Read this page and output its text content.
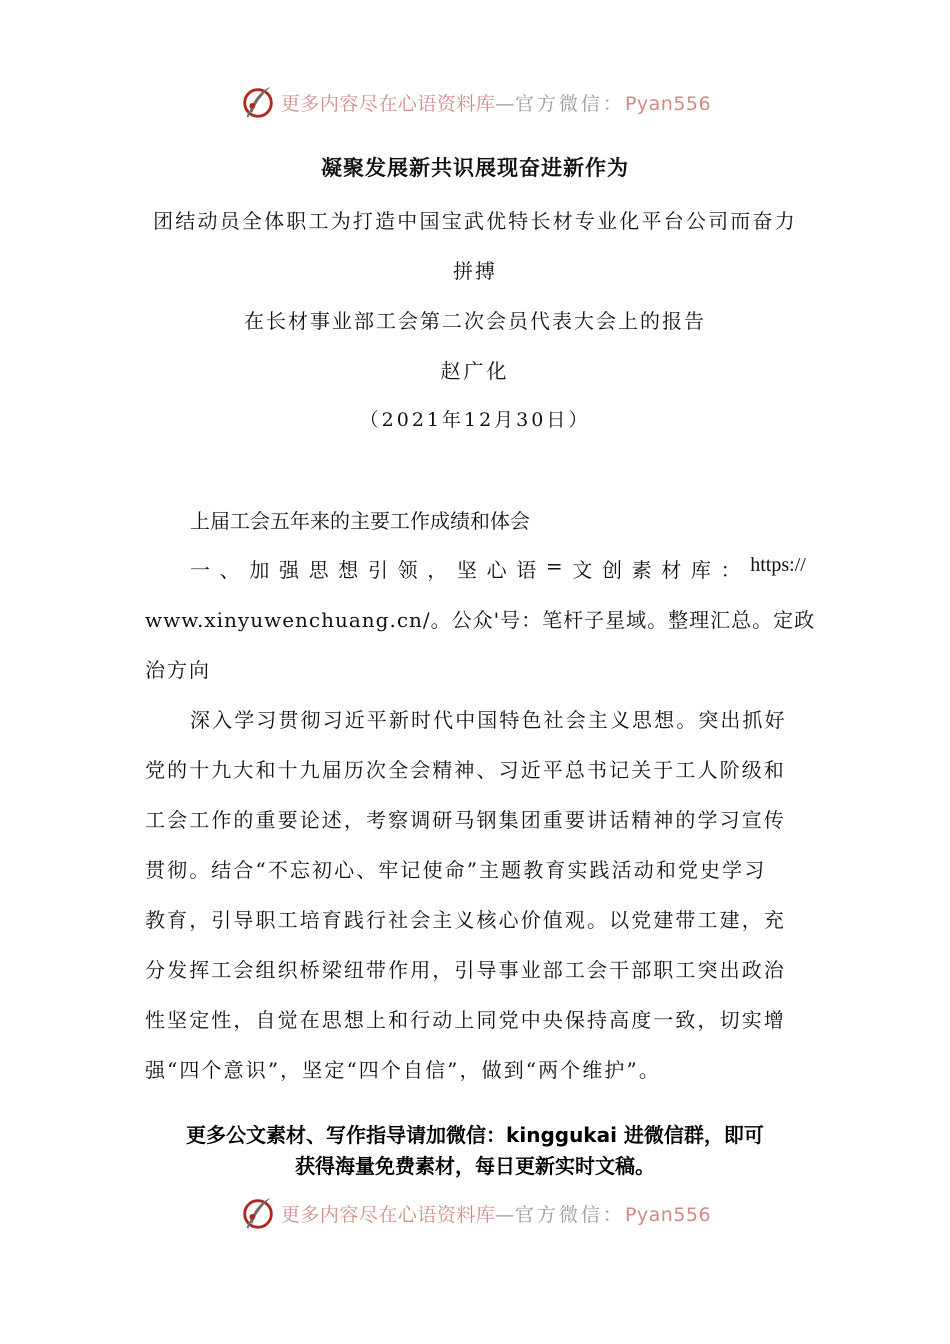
更多内容尽在心语资料库—官方微信：Pyan556
凝聚发展新共识展现奋进新作为
团结动员全体职工为打造中国宝武优特长材专业化平台公司而奋力
拼搏
在长材事业部工会第二次会员代表大会上的报告
赵广化
（2021年12月30日）
上届工会五年来的主要工作成绩和体会
一 、 加 强 思 想 引 领 ， 坚 心 语 = 文 创 素 材 库 ： https://
www.xinyuwenchuang.cn/。公众'号：笔杆子星域。整理汇总。定政
治方向
深入学习贯彻习近平新时代中国特色社会主义思想。突出抓好
党的十九大和十九届历次全会精神、习近平总书记关于工人阶级和
工会工作的重要论述，考察调研马钢集团重要讲话精神的学习宣传
贯彻。结合“不忘初心、牢记使命”主题教育实践活动和党史学习
教育，引导职工培育践行社会主义核心价值观。以党建带工建，充
分发挥工会组织桥梁纽带作用，引导事业部工会干部职工突出政治
性坚定性，自觉在思想上和行动上同党中央保持高度一致，切实增
强“四个意识”，坚定“四个自信”，做到“两个维护”。
更多公文素材、写作指导请加微信：kinggukai 进微信群，即可
获得海量免费素材，每日更新实时文稿。
更多内容尽在心语资料库—官方微信：Pyan556
